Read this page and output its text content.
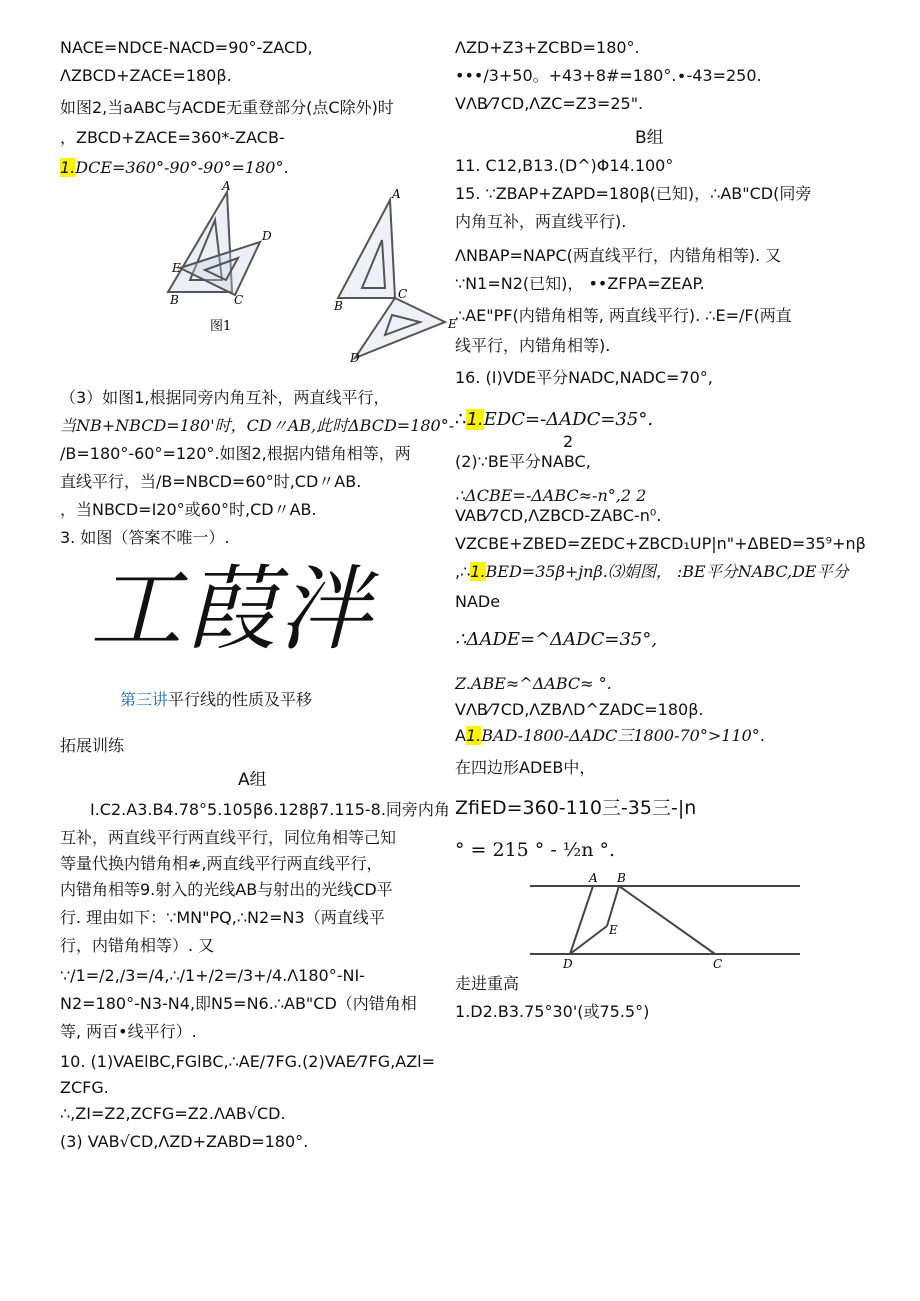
NACE=NDCE-NACD=90°-ZACD,
ΛZBCD+ZACE=180β.
如图2,当aABC与ACDE无重登部分(点C除外)时
，ZBCD+ZACE=360*-ZACB-
1.DCE=360°-90°-90°=180°.
A
D
E
B	C
图1
A
B
C
E
D
（3）如图1,根据同旁内角互补，两直线平行，
当NB+NBCD=180'时，CD〃AB,此时ΔBCD=180°-
/B=180°-60°=120°.如图2,根据内错角相等，两
直线平行，当/B=NBCD=60°时,CD〃AB.
，当NBCD=I20°或60°时,CD〃AB.
3. 如图（答案不唯一）.
工葭泮
第三讲平行线的性质及平移
拓展训练
A组
I.C2.A3.B4.78°5.105β6.128β7.115-8.同旁内角
互补，两直线平行两直线平行，同位角相等己知
等量代换内错角相≉,两直线平行两直线平行，
内错角相等9.射入的光线AB与射出的光线CD平
行. 理由如下：∵MN"PQ,∴N2=N3（两直线平
行，内错角相等）. 又
∵/1=/2,/3=/4,∴/1+/2=/3+/4.Λ180°-NI-
N2=180°-N3-N4,即N5=N6.∴AB"CD（内错角相
等, 两百•线平行）.
10. (1)VAElBC,FGlBC,∴AE/7FG.(2)VAE⁄7FG,AZl=
ZCFG.
∴,ZI=Z2,ZCFG=Z2.ΛAB√CD.
(3) VAB√CD,ΛZD+ZABD=180°.
ΛZD+Z3+ZCBD=180°.
•••/3+50。+43+8#=180°.∙-43=250.
VΛB⁄7CD,ΛZC=Z3=25".
B组
11. C12,B13.(D^)Φ14.100°
15. ∵ZBAP+ZAPD=180β(已知)，∴AB"CD(同旁
内角互补，两直线平行).
ΛNBAP=NAPC(两直线平行，内错角相等). 又
∵N1=N2(已知)， ••ZFPA=ZEAP.
∴AE"PF(内错角相等, 两直线平行). ∴E=/F(两直
线平行，内错角相等).
16. (I)VDE平分NADC,NADC=70°,
∴1.EDC=-ΔADC=35°.
2
(2)∵BE平分NABC,
∴ΔCBE=-ΔABC≈-n°,2 2
VAB⁄7CD,ΛZBCD-ZABC-n⁰.
VZCBE+ZBED=ZEDC+ZBCD₁UP|n"+ΔBED=35⁹+nβ
,∴1.BED=35β+jnβ.⑶娟图， :BE平分NABC,DE平分
NADe
∴ΔADE=^ΔADC=35°,
Z.ABE≈^ΔABC≈ °.
VΛB⁄7CD,ΛZBΛD^ZADC=180β.
A1.BAD-1800-ΔADC三1800-70°>110°.
在四边形ADEB中，
ZfiED=360-110三-35三-|n
° = 215 ° - ½n °.
A B
E
D	C
走进重高
1.D2.B3.75°30'(或75.5°)
